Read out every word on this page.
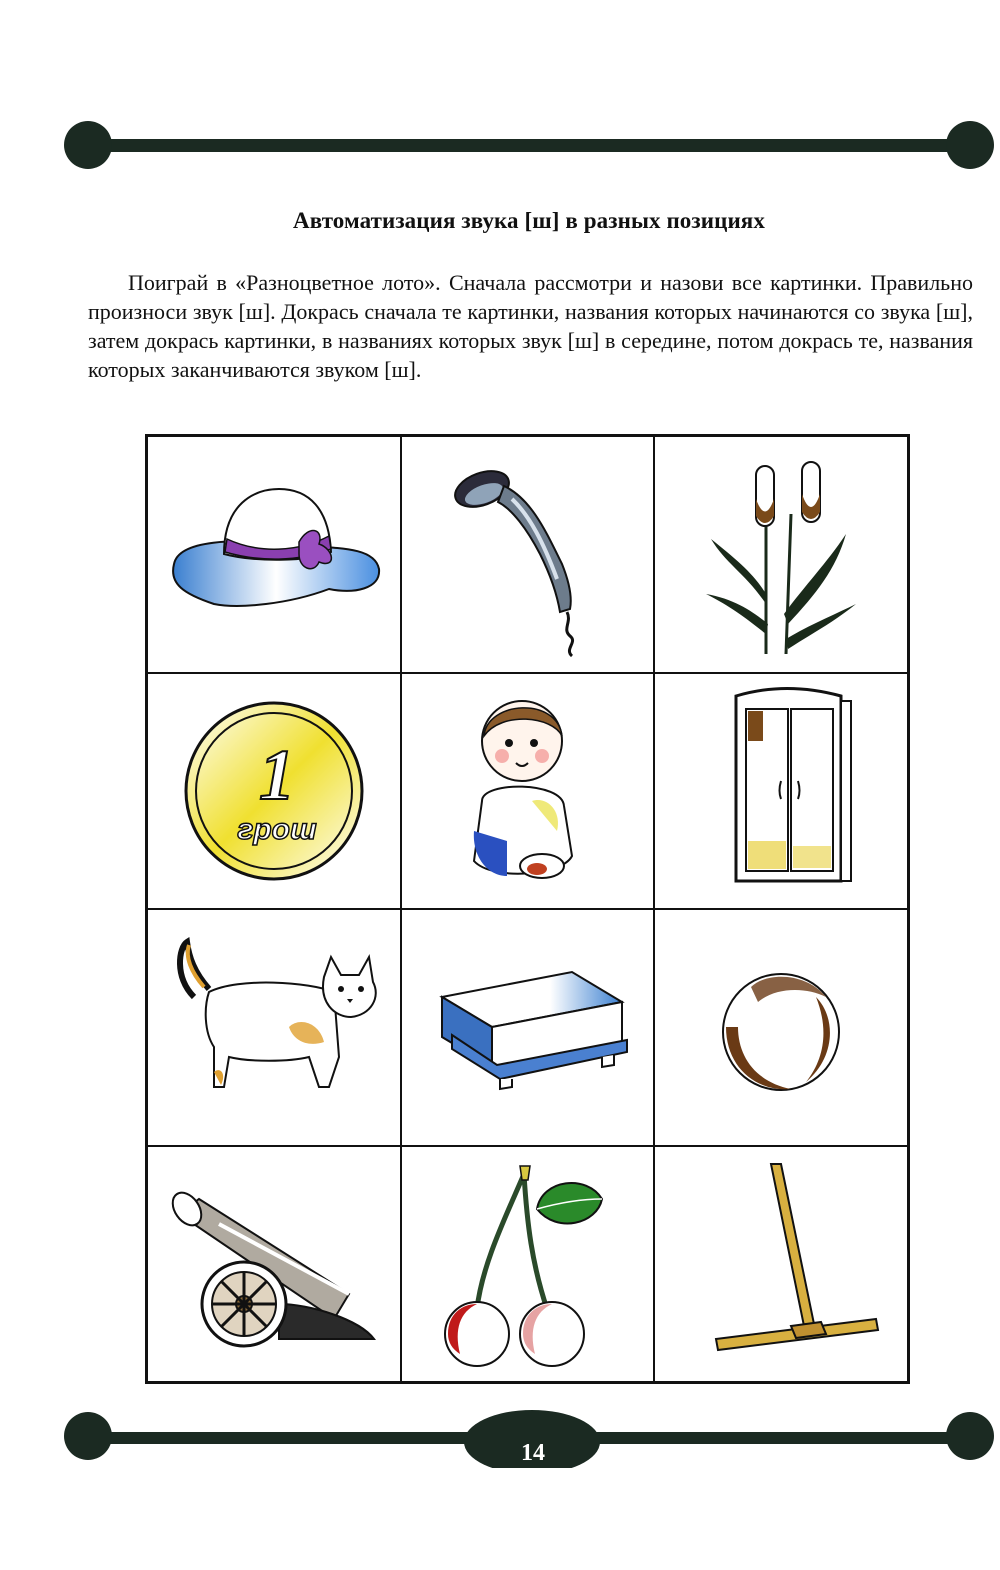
Автоматизация звука [ш] в разных позициях

Поиграй в «Разноцветное лото». Сначала рассмотри и назови все картинки. Правильно произноси звук [ш]. Докрась сначала те картинки, названия которых начинаются со звука [ш], затем докрась картинки, в названиях которых звук [ш] в середине, потом докрась те, названия которых заканчиваются звуком [ш].

1
грош
14
